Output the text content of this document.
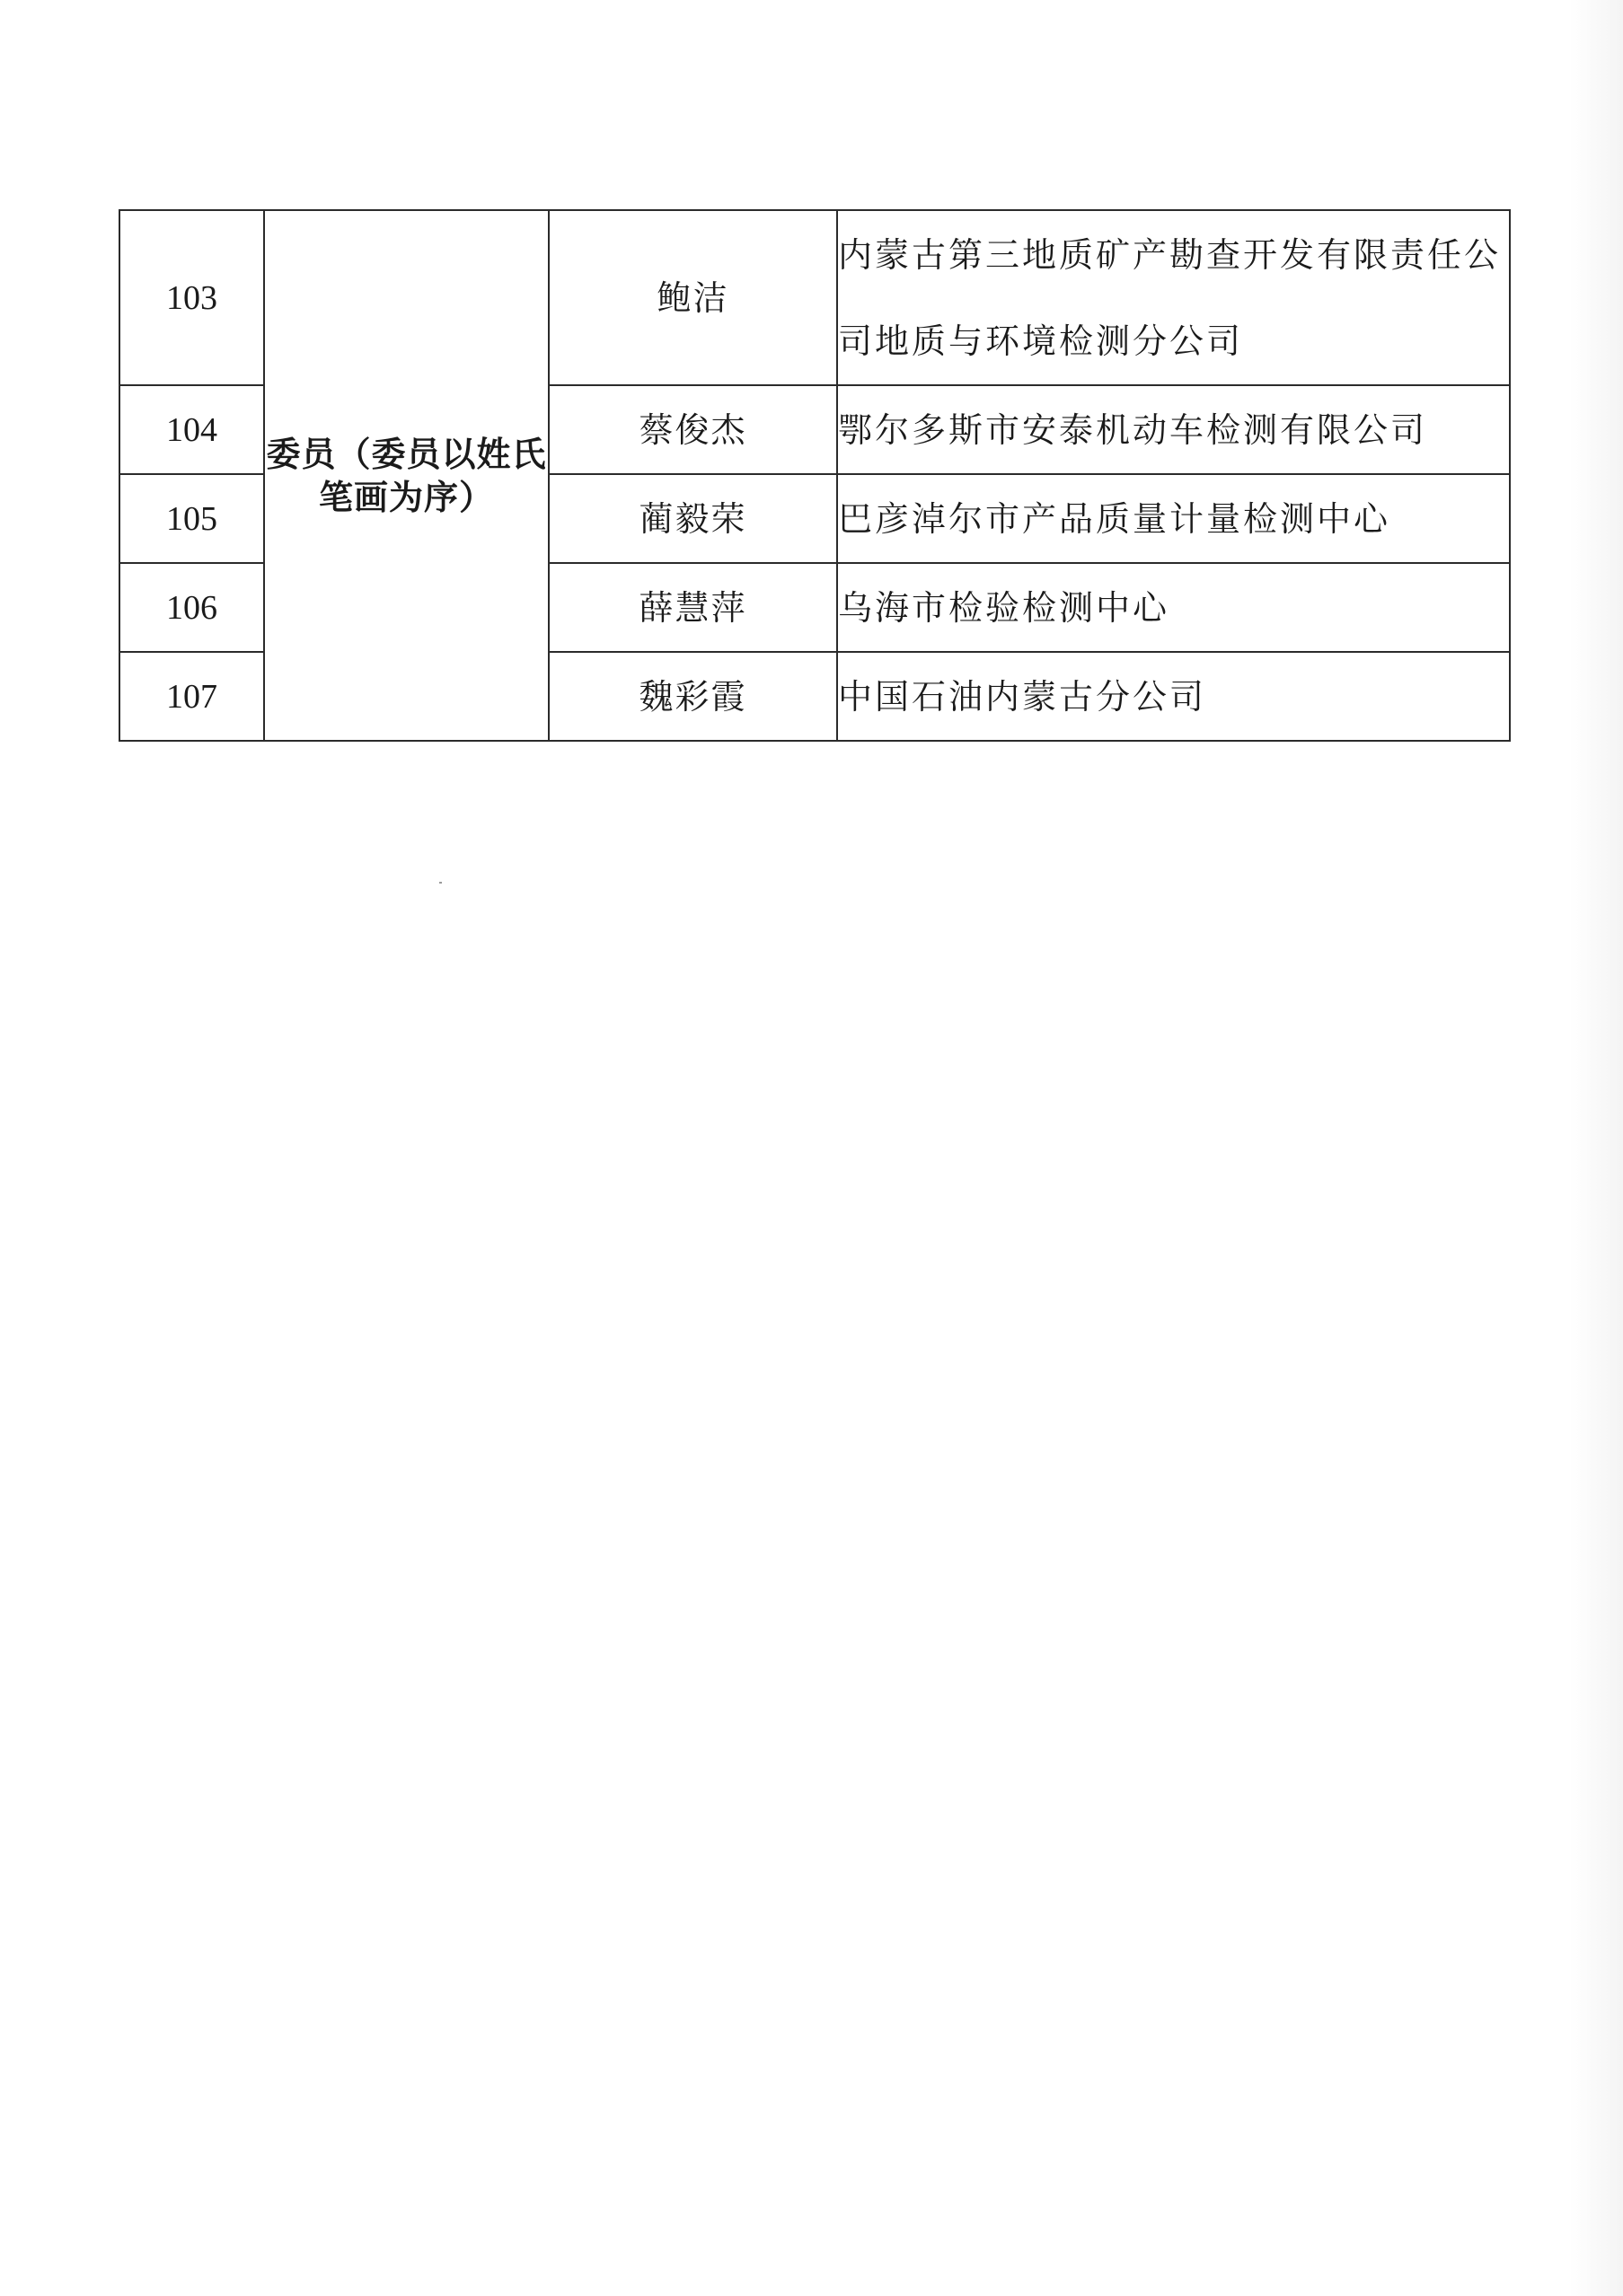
103	委员（委员以姓氏笔画为序）	鲍洁	内蒙古第三地质矿产勘查开发有限责任公司地质与环境检测分公司
104		蔡俊杰	鄂尔多斯市安泰机动车检测有限公司
105		蔺毅荣	巴彦淖尔市产品质量计量检测中心
106		薛慧萍	乌海市检验检测中心
107		魏彩霞	中国石油内蒙古分公司
